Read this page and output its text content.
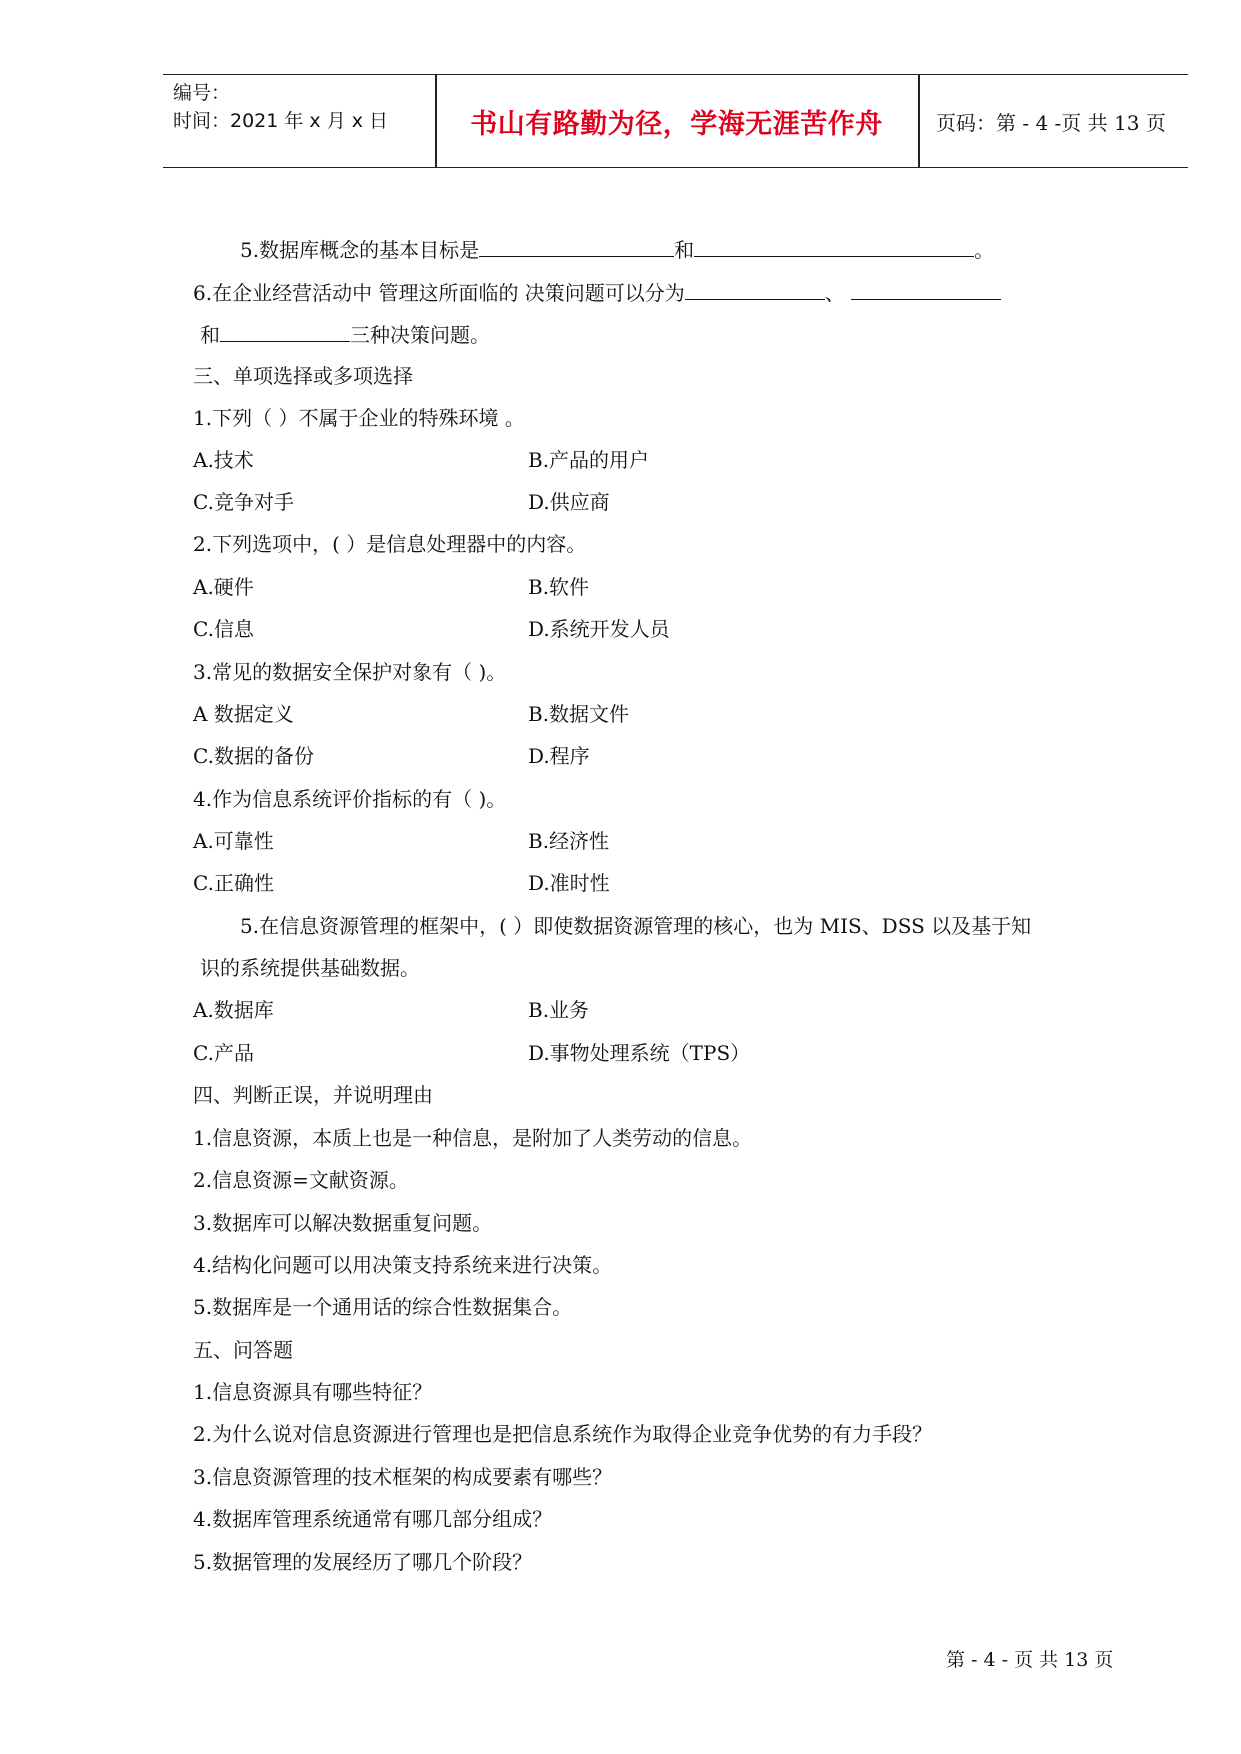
编号：
时间：2021 年 x 月 x 日	书山有路勤为径，学海无涯苦作舟	页码：第 - 4 -页 共 13 页
5.数据库概念的基本目标是	和	。
6.在企业经营活动中 管理这所面临的 决策问题可以分为	、
和	三种决策问题。
三、单项选择或多项选择
1.下列（ ）不属于企业的特殊环境 。
A.技术	B.产品的用户
C.竞争对手	D.供应商
2.下列选项中，( ）是信息处理器中的内容。
A.硬件	B.软件
C.信息	D.系统开发人员
3.常见的数据安全保护对象有（ )。
A 数据定义	B.数据文件
C.数据的备份	D.程序
4.作为信息系统评价指标的有（ )。
A.可靠性	B.经济性
C.正确性	D.准时性
5.在信息资源管理的框架中，( ）即使数据资源管理的核心，也为 MIS、DSS 以及基于知
识的系统提供基础数据。
A.数据库	B.业务
C.产品	D.事物处理系统（TPS）
四、判断正误，并说明理由
1.信息资源，本质上也是一种信息，是附加了人类劳动的信息。
2.信息资源=文献资源。
3.数据库可以解决数据重复问题。
4.结构化问题可以用决策支持系统来进行决策。
5.数据库是一个通用话的综合性数据集合。
五、问答题
1.信息资源具有哪些特征？
2.为什么说对信息资源进行管理也是把信息系统作为取得企业竞争优势的有力手段？
3.信息资源管理的技术框架的构成要素有哪些？
4.数据库管理系统通常有哪几部分组成？
5.数据管理的发展经历了哪几个阶段？
第 - 4 - 页 共 13 页
